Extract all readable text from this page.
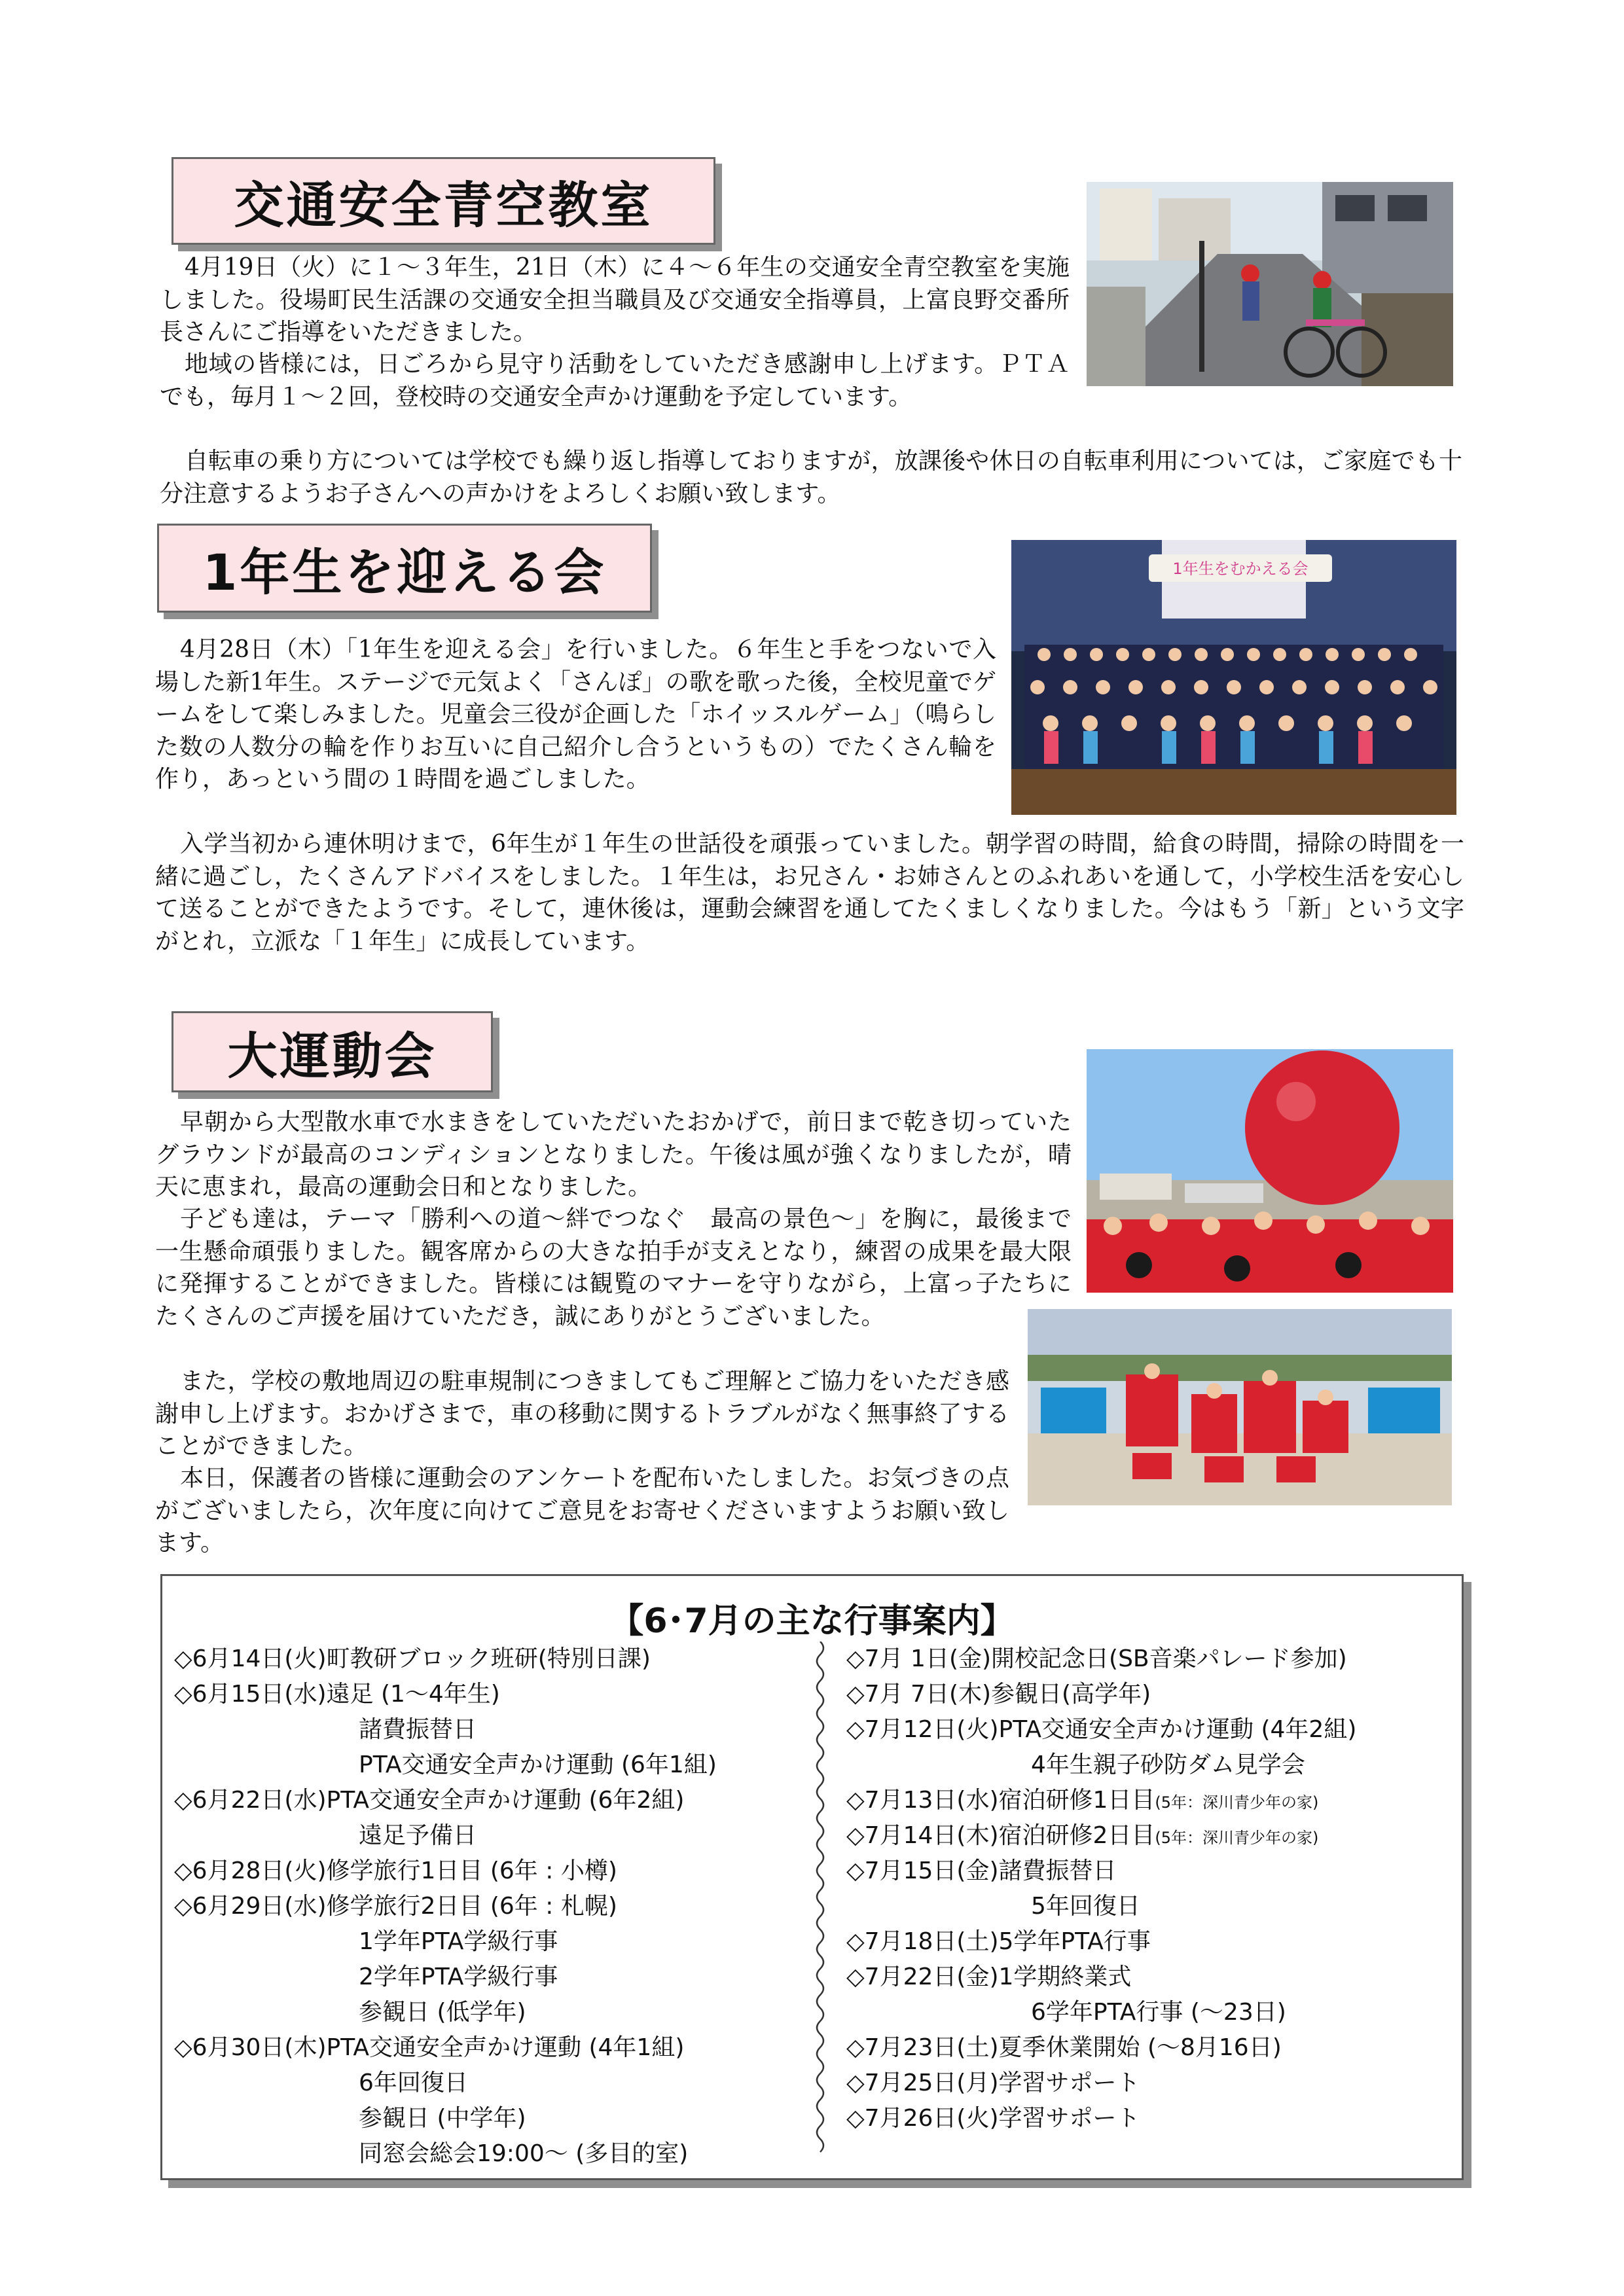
交通安全青空教室

4月19日（火）に１～３年生，21日（木）に４～６年生の交通安全青空教室を実施しました。役場町民生活課の交通安全担当職員及び交通安全指導員，上富良野交番所長さんにご指導をいただきました。

地域の皆様には，日ごろから見守り活動をしていただき感謝申し上げます。ＰＴＡでも，毎月１～２回，登校時の交通安全声かけ運動を予定しています。

自転車の乗り方については学校でも繰り返し指導しておりますが，放課後や休日の自転車利用については，ご家庭でも十分注意するようお子さんへの声かけをよろしくお願い致します。

1年生を迎える会	1年生をむかえる会

4月28日（木）「1年生を迎える会」を行いました。６年生と手をつないで入場した新1年生。ステージで元気よく「さんぽ」の歌を歌った後，全校児童でゲームをして楽しみました。児童会三役が企画した「ホイッスルゲーム」（鳴らした数の人数分の輪を作りお互いに自己紹介し合うというもの）でたくさん輪を作り，あっという間の１時間を過ごしました。

入学当初から連休明けまで，6年生が１年生の世話役を頑張っていました。朝学習の時間，給食の時間，掃除の時間を一緒に過ごし，たくさんアドバイスをしました。１年生は，お兄さん・お姉さんとのふれあいを通して，小学校生活を安心して送ることができたようです。そして，連休後は，運動会練習を通してたくましくなりました。今はもう「新」という文字がとれ，立派な「１年生」に成長しています。

大運動会

早朝から大型散水車で水まきをしていただいたおかげで，前日まで乾き切っていたグラウンドが最高のコンディションとなりました。午後は風が強くなりましたが，晴天に恵まれ，最高の運動会日和となりました。

子ども達は，テーマ「勝利への道～絆でつなぐ　最高の景色～」を胸に，最後まで一生懸命頑張りました。観客席からの大きな拍手が支えとなり，練習の成果を最大限に発揮することができました。皆様には観覧のマナーを守りながら，上富っ子たちにたくさんのご声援を届けていただき，誠にありがとうございました。

また，学校の敷地周辺の駐車規制につきましてもご理解とご協力をいただき感謝申し上げます。おかげさまで，車の移動に関するトラブルがなく無事終了することができました。

本日，保護者の皆様に運動会のアンケートを配布いたしました。お気づきの点がございましたら，次年度に向けてご意見をお寄せくださいますようお願い致します。

【6･7月の主な行事案内】
◇6月14日(火)町教研ブロック班研(特別日課)
◇6月15日(水)遠足 (1～4年生)
諸費振替日
PTA交通安全声かけ運動 (6年1組)
◇6月22日(水)PTA交通安全声かけ運動 (6年2組)
遠足予備日
◇6月28日(火)修学旅行1日目 (6年 : 小樽)
◇6月29日(水)修学旅行2日目 (6年 : 札幌)
1学年PTA学級行事
2学年PTA学級行事
参観日 (低学年)
◇6月30日(木)PTA交通安全声かけ運動 (4年1組)
6年回復日
参観日 (中学年)
同窓会総会19:00～ (多目的室)
◇7月 1日(金)開校記念日(SB音楽パレード参加)
◇7月 7日(木)参観日(高学年)
◇7月12日(火)PTA交通安全声かけ運動 (4年2組)
4年生親子砂防ダム見学会
◇7月13日(水)宿泊研修1日目(5年：深川青少年の家)
◇7月14日(木)宿泊研修2日目(5年：深川青少年の家)
◇7月15日(金)諸費振替日
5年回復日
◇7月18日(土)5学年PTA行事
◇7月22日(金)1学期終業式
6学年PTA行事 (～23日)
◇7月23日(土)夏季休業開始 (～8月16日)
◇7月25日(月)学習サポート
◇7月26日(火)学習サポート
